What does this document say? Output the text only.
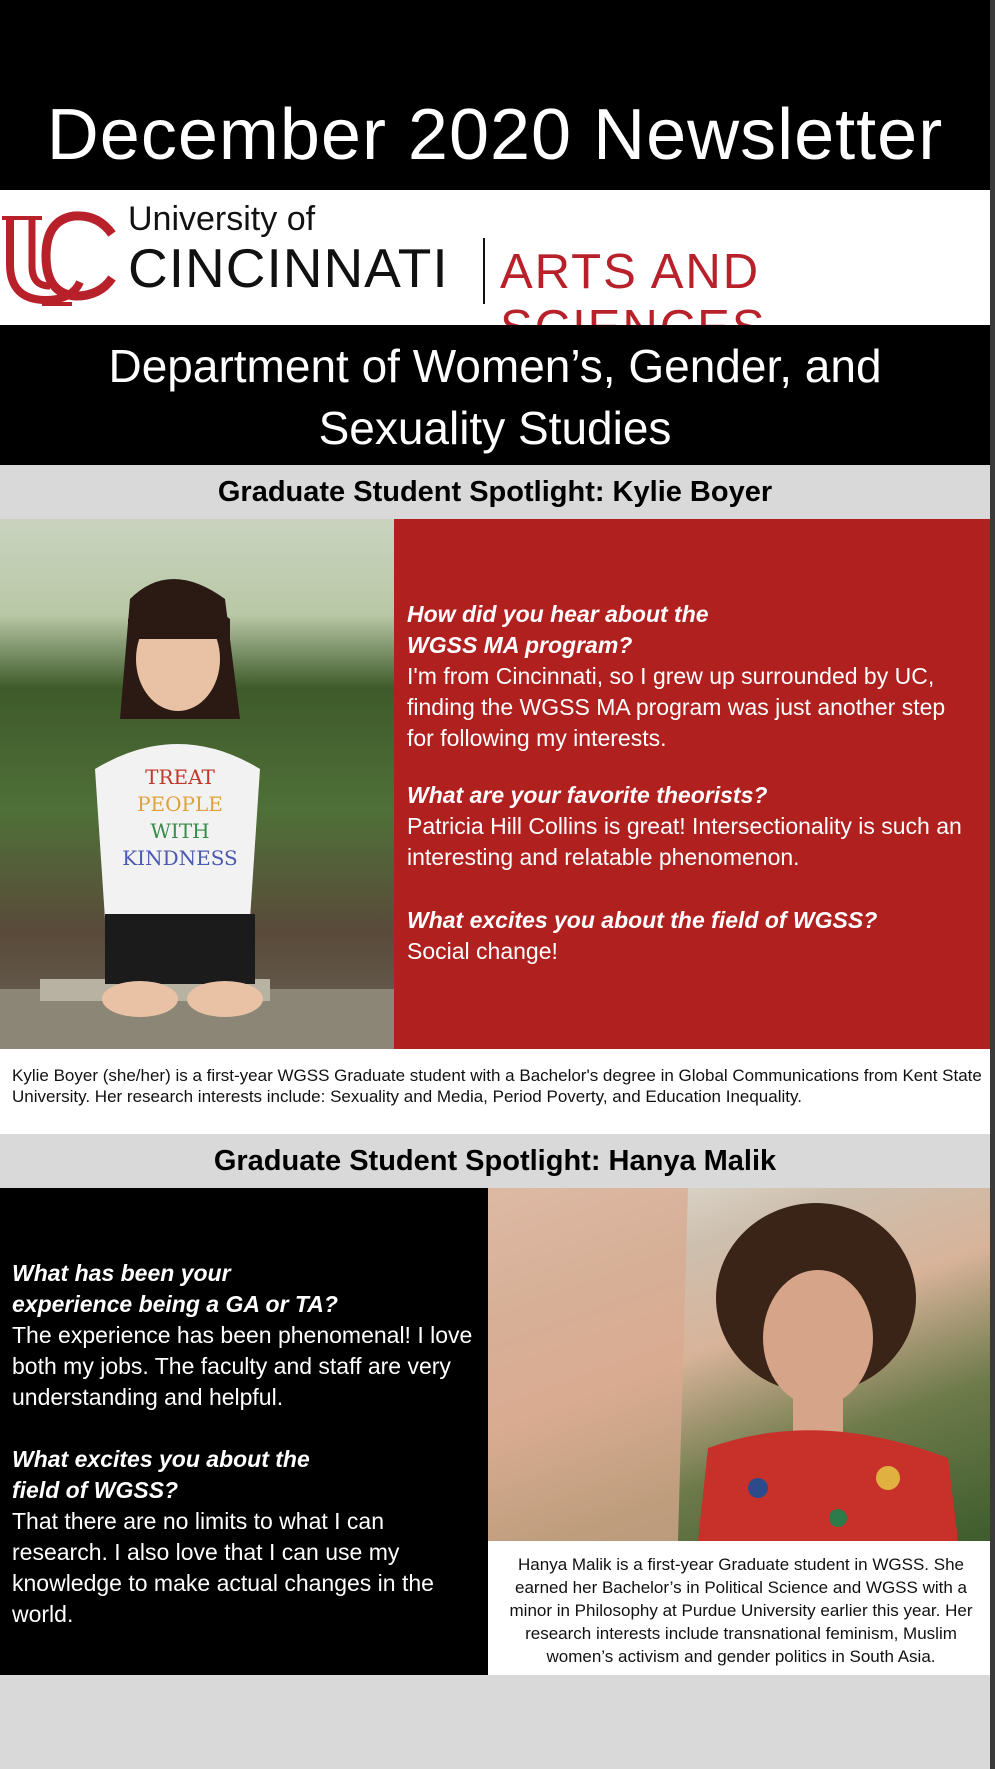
December 2020 Newsletter
University of
CINCINNATI ARTS AND
Department of Women’s, Gender, and Sexuality Studies
Graduate Student Spotlight: Kylie Boyer
TREAT
PEOPLE
WITH
KINDNESS
How did you hear about the WGSS MA program?
I'm from Cincinnati, so I grew up surrounded by UC, finding the WGSS MA program was just another step for following my interests.
What are your favorite theorists?
Patricia Hill Collins is great! Intersectionality is such an interesting and relatable phenomenon.
What excites you about the field of WGSS?
Social change!

Kylie Boyer (she/her) is a first-year WGSS Graduate student with a Bachelor's degree in Global Communications from Kent State University. Her research interests include: Sexuality and Media, Period Poverty, and Education Inequality.

Graduate Student Spotlight: Hanya Malik
What has been your experience being a GA or TA?
The experience has been phenomenal! I love both my jobs. The faculty and staff are very understanding and helpful.
What excites you about the field of WGSS?
That there are no limits to what I can research. I also love that I can use my knowledge to make actual changes in the world.

Hanya Malik is a first-year Graduate student in WGSS. She earned her Bachelor’s in Political Science and WGSS with a minor in Philosophy at Purdue University earlier this year. Her research interests include transnational feminism, Muslim women’s activism and gender politics in South Asia.
